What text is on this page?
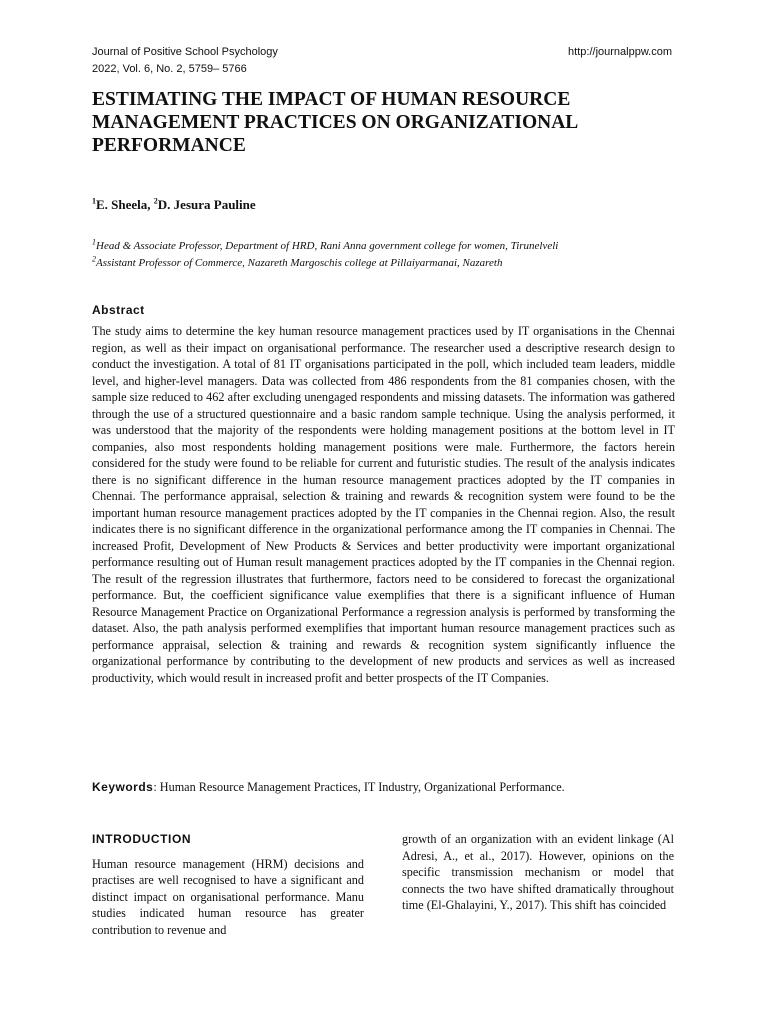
Journal of Positive School Psychology
2022, Vol. 6, No. 2, 5759– 5766
http://journalppw.com
ESTIMATING THE IMPACT OF HUMAN RESOURCE MANAGEMENT PRACTICES ON ORGANIZATIONAL PERFORMANCE
$^1$E. Sheela, $^2$D. Jesura Pauline
$^1$Head & Associate Professor, Department of HRD, Rani Anna government college for women, Tirunelveli
$^2$Assistant Professor of Commerce, Nazareth Margoschis college at Pillaiyarmanai, Nazareth
Abstract

The study aims to determine the key human resource management practices used by IT organisations in the Chennai region, as well as their impact on organisational performance. The researcher used a descriptive research design to conduct the investigation. A total of 81 IT organisations participated in the poll, which included team leaders, middle level, and higher-level managers. Data was collected from 486 respondents from the 81 companies chosen, with the sample size reduced to 462 after excluding unengaged respondents and missing datasets. The information was gathered through the use of a structured questionnaire and a basic random sample technique. Using the analysis performed, it was understood that the majority of the respondents were holding management positions at the bottom level in IT companies, also most respondents holding management positions were male. Furthermore, the factors herein considered for the study were found to be reliable for current and futuristic studies. The result of the analysis indicates there is no significant difference in the human resource management practices adopted by the IT companies in Chennai. The performance appraisal, selection & training and rewards & recognition system were found to be the important human resource management practices adopted by the IT companies in the Chennai region. Also, the result indicates there is no significant difference in the organizational performance among the IT companies in Chennai. The increased Profit, Development of New Products & Services and better productivity were important organizational performance resulting out of Human result management practices adopted by the IT companies in the Chennai region. The result of the regression illustrates that furthermore, factors need to be considered to forecast the organizational performance. But, the coefficient significance value exemplifies that there is a significant influence of Human Resource Management Practice on Organizational Performance a regression analysis is performed by transforming the dataset. Also, the path analysis performed exemplifies that important human resource management practices such as performance appraisal, selection & training and rewards & recognition system significantly influence the organizational performance by contributing to the development of new products and services as well as increased productivity, which would result in increased profit and better prospects of the IT Companies.

Keywords: Human Resource Management Practices, IT Industry, Organizational Performance.
INTRODUCTION

Human resource management (HRM) decisions and practises are well recognised to have a significant and distinct impact on organisational performance. Manu studies indicated human resource has greater contribution to revenue and

growth of an organization with an evident linkage (Al Adresi, A., et al., 2017). However, opinions on the specific transmission mechanism or model that connects the two have shifted dramatically throughout time (El-Ghalayini, Y., 2017). This shift has coincided
